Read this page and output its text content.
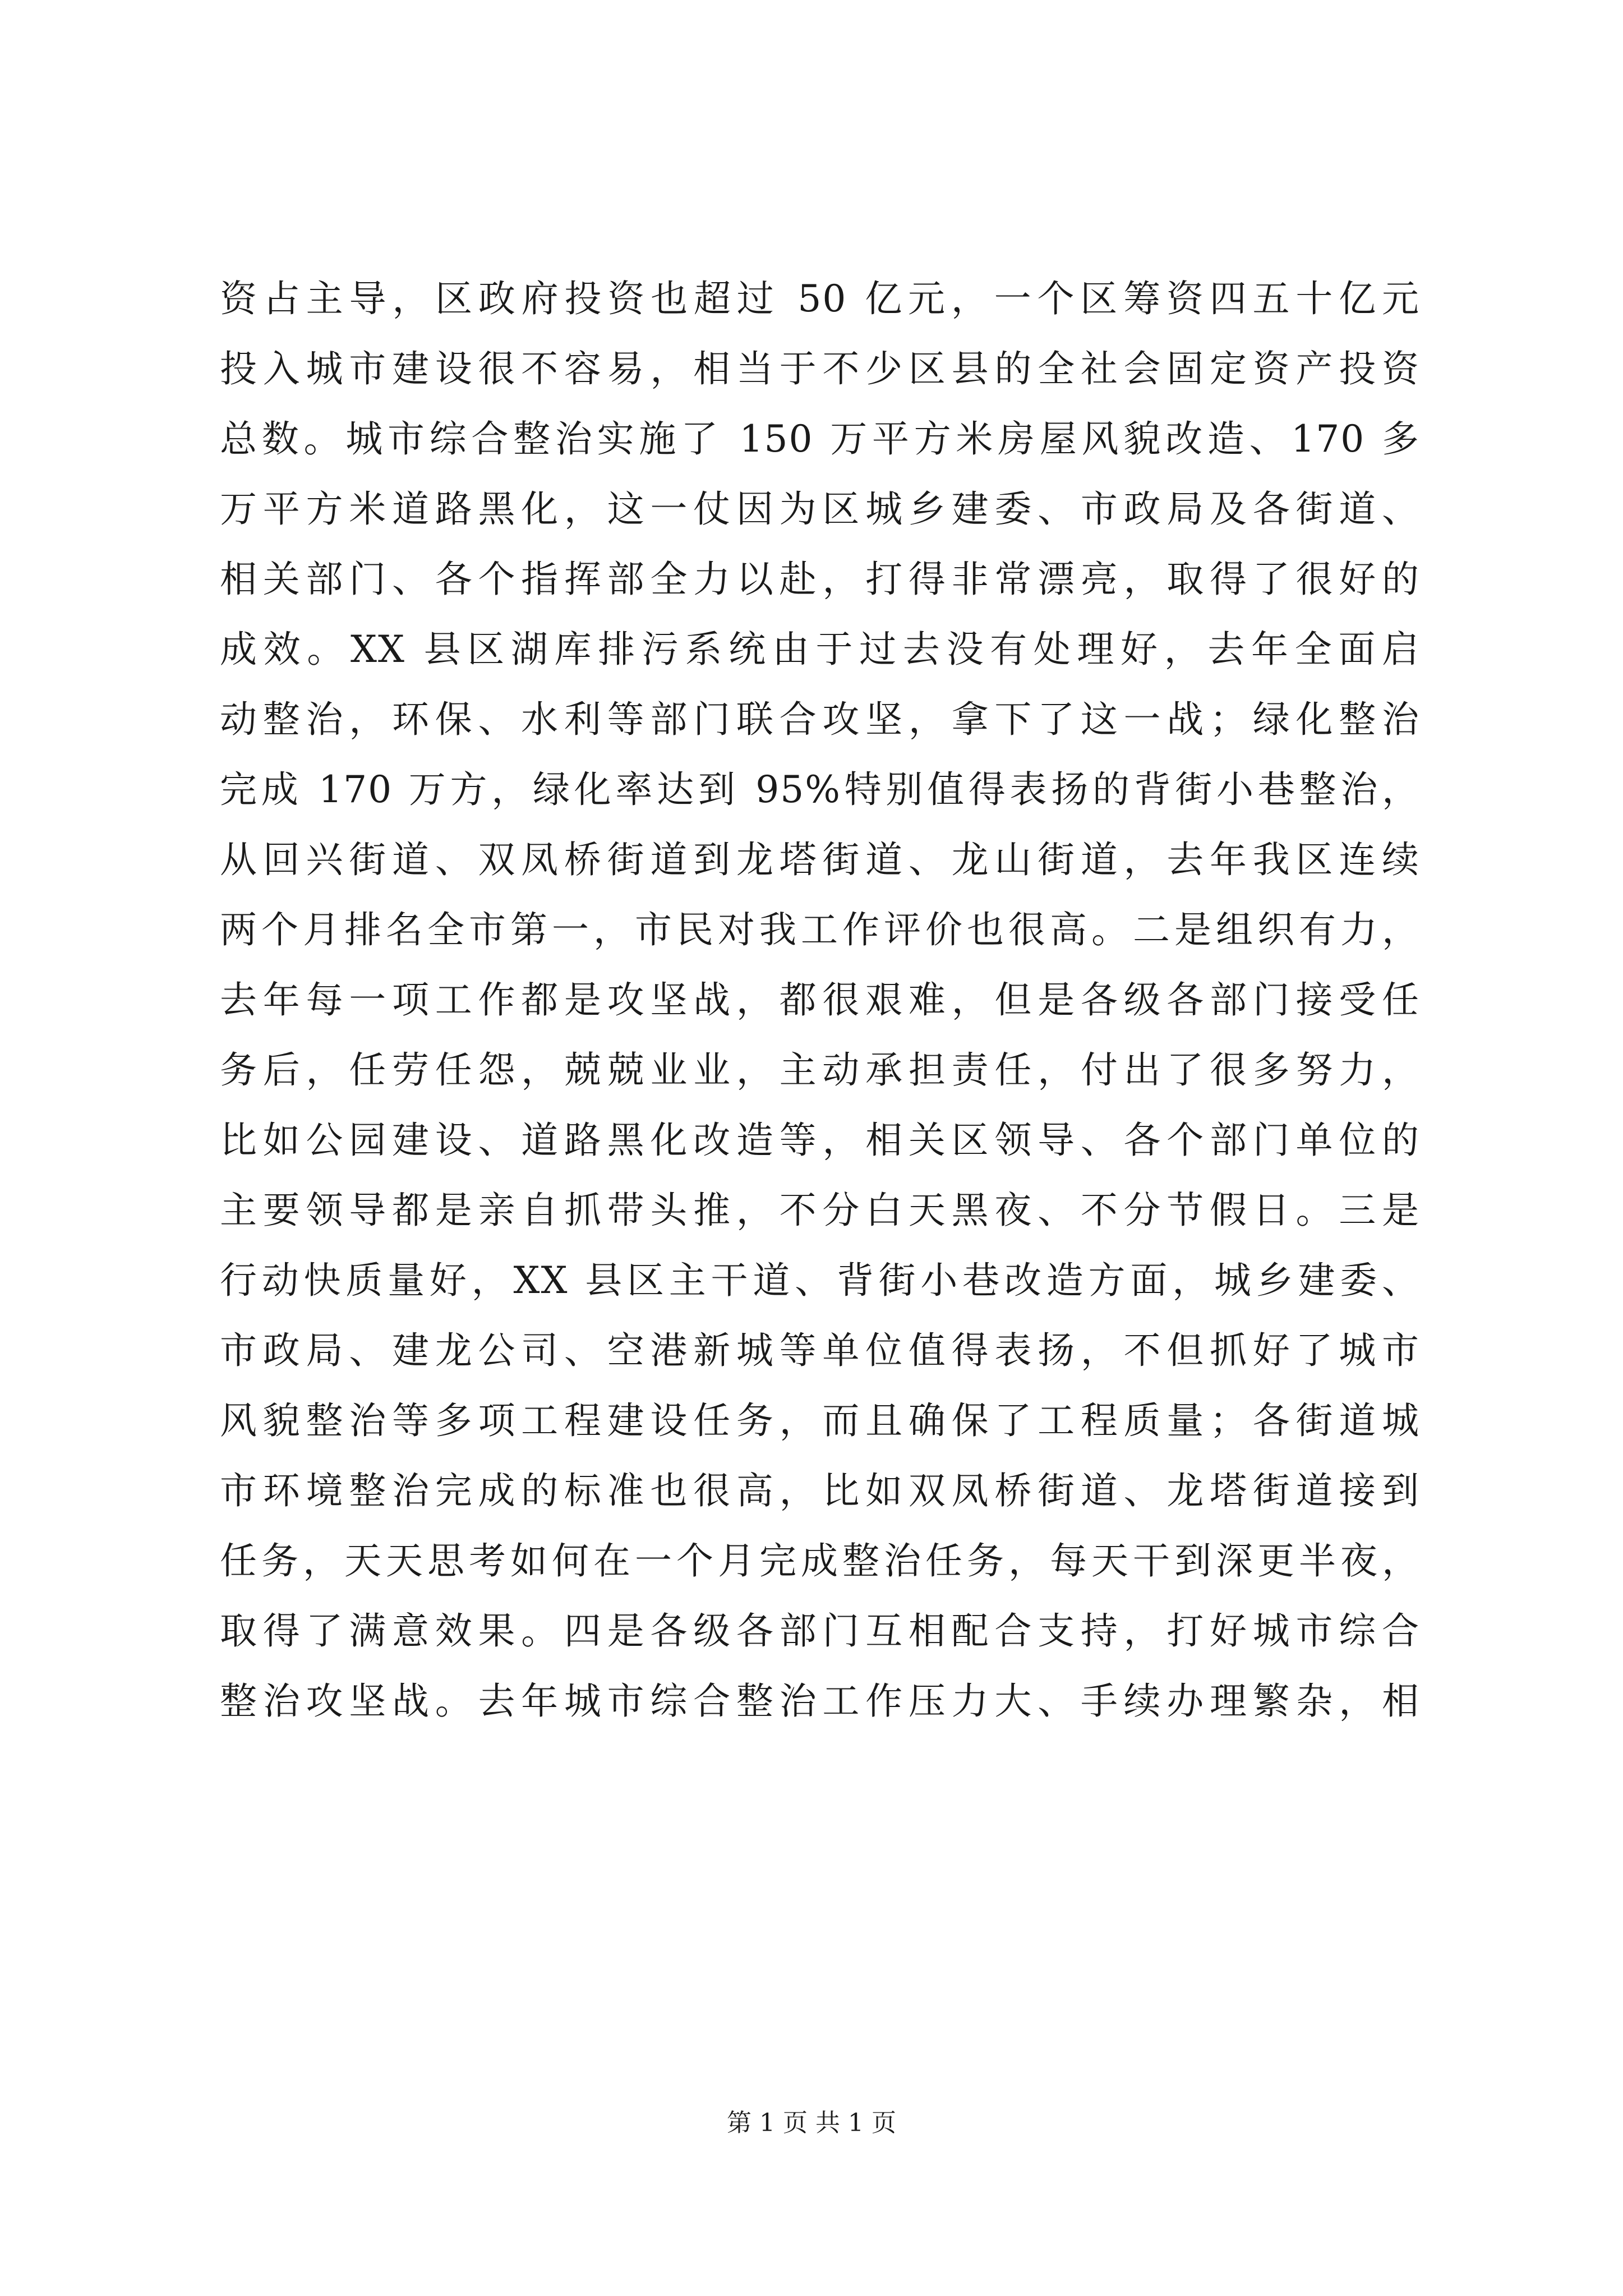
资占主导，区政府投资也超过 50 亿元，一个区筹资四五十亿元
投入城市建设很不容易，相当于不少区县的全社会固定资产投资
总数。城市综合整治实施了 150 万平方米房屋风貌改造、170 多
万平方米道路黑化，这一仗因为区城乡建委、市政局及各街道、
相关部门、各个指挥部全力以赴，打得非常漂亮，取得了很好的
成效。XX 县区湖库排污系统由于过去没有处理好，去年全面启
动整治，环保、水利等部门联合攻坚，拿下了这一战；绿化整治
完成 170 万方，绿化率达到 95%特别值得表扬的背街小巷整治，
从回兴街道、双凤桥街道到龙塔街道、龙山街道，去年我区连续
两个月排名全市第一，市民对我工作评价也很高。二是组织有力，
去年每一项工作都是攻坚战，都很艰难，但是各级各部门接受任
务后，任劳任怨，兢兢业业，主动承担责任，付出了很多努力，
比如公园建设、道路黑化改造等，相关区领导、各个部门单位的
主要领导都是亲自抓带头推，不分白天黑夜、不分节假日。三是
行动快质量好，XX 县区主干道、背街小巷改造方面，城乡建委、
市政局、建龙公司、空港新城等单位值得表扬，不但抓好了城市
风貌整治等多项工程建设任务，而且确保了工程质量；各街道城
市环境整治完成的标准也很高，比如双凤桥街道、龙塔街道接到
任务，天天思考如何在一个月完成整治任务，每天干到深更半夜，
取得了满意效果。四是各级各部门互相配合支持，打好城市综合
整治攻坚战。去年城市综合整治工作压力大、手续办理繁杂，相
第 1 页 共 1 页
